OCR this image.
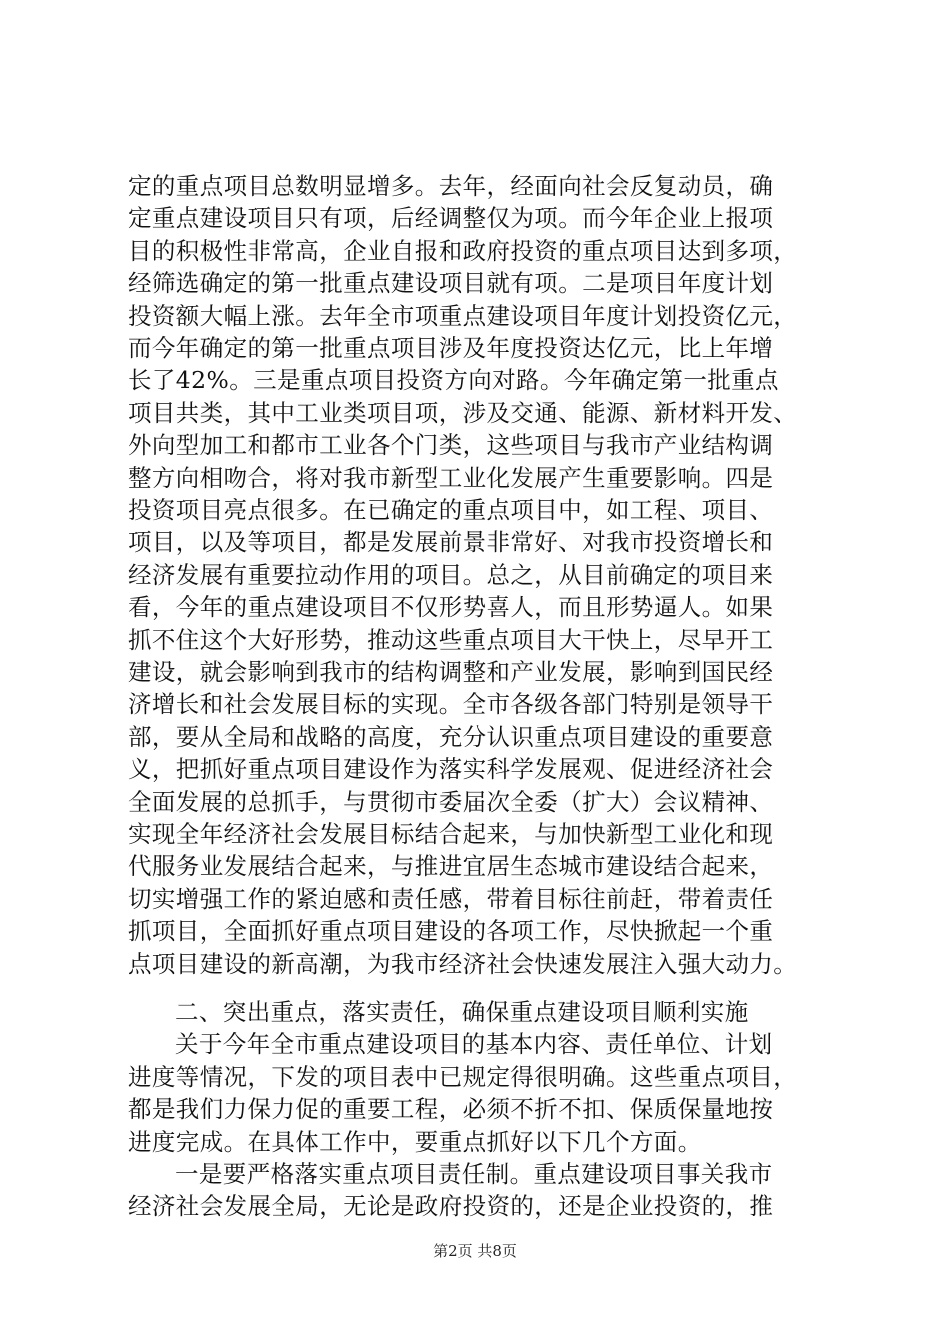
定的重点项目总数明显增多。去年，经面向社会反复动员，确
定重点建设项目只有项，后经调整仅为项。而今年企业上报项
目的积极性非常高，企业自报和政府投资的重点项目达到多项，
经筛选确定的第一批重点建设项目就有项。二是项目年度计划
投资额大幅上涨。去年全市项重点建设项目年度计划投资亿元，
而今年确定的第一批重点项目涉及年度投资达亿元，比上年增
长了42%。三是重点项目投资方向对路。今年确定第一批重点
项目共类，其中工业类项目项，涉及交通、能源、新材料开发、
外向型加工和都市工业各个门类，这些项目与我市产业结构调
整方向相吻合，将对我市新型工业化发展产生重要影响。四是
投资项目亮点很多。在已确定的重点项目中，如工程、项目、
项目，以及等项目，都是发展前景非常好、对我市投资增长和
经济发展有重要拉动作用的项目。总之，从目前确定的项目来
看，今年的重点建设项目不仅形势喜人，而且形势逼人。如果
抓不住这个大好形势，推动这些重点项目大干快上，尽早开工
建设，就会影响到我市的结构调整和产业发展，影响到国民经
济增长和社会发展目标的实现。全市各级各部门特别是领导干
部，要从全局和战略的高度，充分认识重点项目建设的重要意
义，把抓好重点项目建设作为落实科学发展观、促进经济社会
全面发展的总抓手，与贯彻市委届次全委（扩大）会议精神、
实现全年经济社会发展目标结合起来，与加快新型工业化和现
代服务业发展结合起来，与推进宜居生态城市建设结合起来，
切实增强工作的紧迫感和责任感，带着目标往前赶，带着责任
抓项目，全面抓好重点项目建设的各项工作，尽快掀起一个重
点项目建设的新高潮，为我市经济社会快速发展注入强大动力。
二、突出重点，落实责任，确保重点建设项目顺利实施
关于今年全市重点建设项目的基本内容、责任单位、计划
进度等情况，下发的项目表中已规定得很明确。这些重点项目，
都是我们力保力促的重要工程，必须不折不扣、保质保量地按
进度完成。在具体工作中，要重点抓好以下几个方面。
一是要严格落实重点项目责任制。重点建设项目事关我市
经济社会发展全局，无论是政府投资的，还是企业投资的，推
第2页 共8页
